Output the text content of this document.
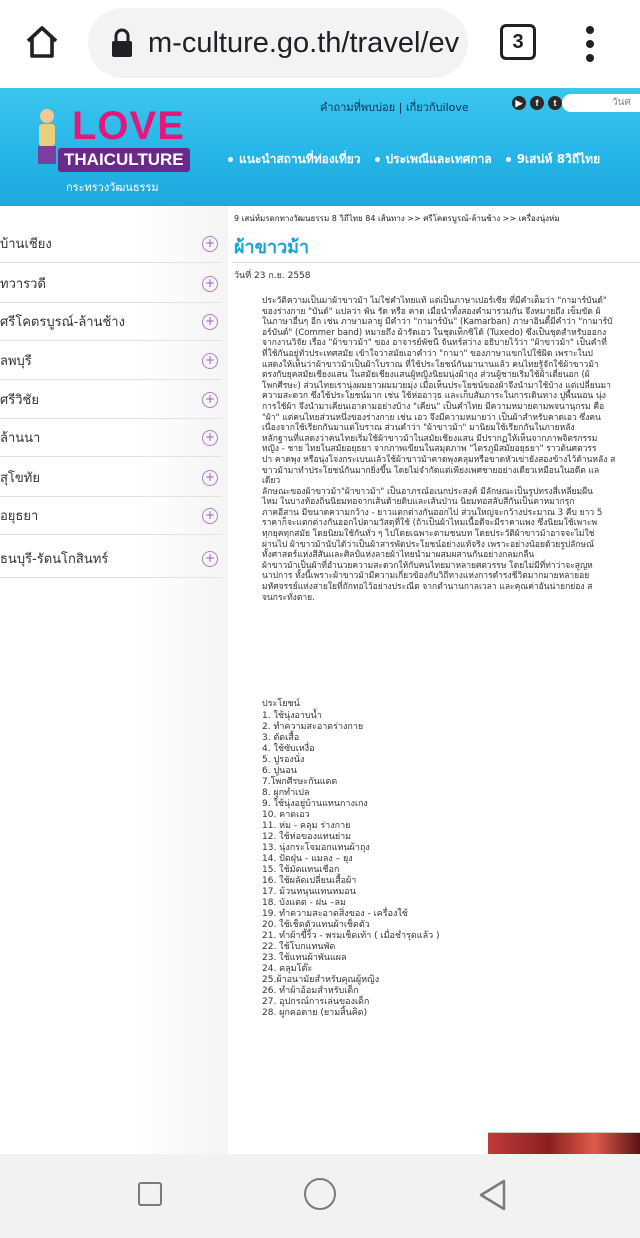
m-culture.go.th/travel/ev	3
LOVE
THAICULTURE
กระทรวงวัฒนธรรม
คำถามที่พบบ่อย | เกี่ยวกับilove	▶	f	t	วันศ
แนะนำสถานที่ท่องเที่ยว	ประเพณีและเทศกาล	9เสน่ห์ 8วิถีไทย
บ้านเชียง	+
ทวารวดี	+
ศรีโคตรบูรณ์-ล้านช้าง	+
ลพบุรี	+
ศรีวิชัย	+
ล้านนา	+
สุโขทัย	+
อยุธยา	+
ธนบุรี-รัตนโกสินทร์	+
9 เสน่ห์มรดกทางวัฒนธรรม 8 วิถีไทย 84 เส้นทาง >> ศรีโคตรบูรณ์-ล้านช้าง >> เครื่องนุ่งห่ม
ผ้าขาวม้า
วันที่ 23 ก.ย. 2558
ประวัติความเป็นมาผ้าขาวม้า ไม่ใช่คำไทยแท้ แต่เป็นภาษาเปอร์เซีย ที่มีคำเต็มว่า "กามาร์บันด์"
ของร่างกาย "บันด์" แปลว่า พัน รัด หรือ คาด เมื่อนำทั้งสองคำมารวมกัน จึงหมายถึง เข็มขัด ผ้
ในภาษาอื่นๆ อีก เช่น ภาษามลายู มีคำว่า "กามาร์บัน" (Kamarban) ภาษาอินดี้มีคำว่า "กามาร์บั
อร์บันด์" (Commer band) หมายถึง ผ้ารัดเอว ในชุดเท็กซิโด้ (Tuxedo) ซึ่งเป็นชุดสำหรับออกง
จากงานวิจัย เรื่อง "ผ้าขาวม้า" ของ อาจารย์พัชนี จันทร์สว่าง อธิบายไว้ว่า "ผ้าขาวม้า" เป็นคำที่
ที่ใช้กันอยู่ทั่วประเทศสมัย เข้าใจว่าสมัยเอาคำว่า "กามา" ของภาษาแขกไปใช้ผิด เพราะในป
แสดงให้เห็นว่าผ้าขาวม้าเป็นผ้าโบราณ ที่ใช้ประโยชน์กันมานานแล้ว คนไทยรู้จักใช้ผ้าขาวม้า
ตรงกับยุคสมัยเชียงแสน ในสมัยเชียงแสนผู้หญิงนิยมนุ่งผ้าถุง ส่วนผู้ชายเริ่มใช้ผ้าเตี่ยนอก (ผ้
โพกศีรษะ) ส่วนไทยเรานุ่งผมยาวผมมวยมุ่ง เมื่อเห็นประโยชน์ของผ้าจึงนำมาใช้บ้าง แต่เปลี่ยนมา
ความสะดวก ซึ่งใช้ประโยชน์มาก เช่น ใช้ห่ออาวุธ และเก็บสัมภาระในการเดินทาง ปูพื้นนอน นุ่ง
การใช้ผ้า จึงนำมาเคียนเอาตามอย่างบ้าง "เคียน" เป็นคำไทย มีความหมายตามพจนานุกรม คือ
"ผ้า" แต่คนไทยส่วนหนึ่งของร่างกาย เช่น เอว จึงมีความหมายว่า เป็นผ้าสำหรับคาดเอว ซึ่งคน
เนื่องจากใช้เรียกกันมาแต่โบราณ ส่วนคำว่า "ผ้าขาวม้า" มานิยมใช้เรียกกันในภายหลัง
หลักฐานที่แสดงว่าคนไทยเริ่มใช้ผ้าขาวม้าในสมัยเชียงแสน มีปรากฏให้เห็นจากภาพจิตรกรรม
หญิง - ชาย ไทยในสมัยอยุธยา จากภาพเขียนในสมุดภาพ "ไตรภูมิสมัยอยุธยา" ราวต้นศตวรร
ปา คาดพุง หรือนุ่งโจงกระเบนแล้วใช้ผ้าขาวม้าคาดพุงคลุมหรือขาดหัวเข่ายังสองข้างไว้ด้านหลัง ส
ขาวม้ามาทำประโยชน์กันมากยิ่งขึ้น โดยไม่จำกัดแต่เพียงเพศชายอย่างเดียวเหมือนในอดีต แล
เดียว
ลักษณะของผ้าขาวม้า"ผ้าขาวม้า" เป็นอาภรณ์อเนกประสงค์ มีลักษณะเป็นรูปทรงสี่เหลี่ยมผืน
ไหม ในบางท้องถิ่นนิยมทอจากเส้นด้ายดิบและเส้นป่าน นิยมทอสลับสีกันเป็นตาหมากรุก
ภาคอีสาน มีขนาดความกว้าง - ยาวแตกต่างกันออกไป ส่วนใหญ่จะกว้างประมาณ 3 คืบ ยาว 5
ราคาก็จะแตกต่างกันออกไปตามวัสดุที่ใช้ (ถ้าเป็นผ้าไหมเนื้อดีจะมีราคาแพง ซึ่งนิยมใช้เพาะพ
ทุกยุคทุกสมัย โดยนิยมใช้กันทั่ว ๆ ไปโดยเฉพาะตามชนบท โดยประวัติผ้าขาวม้าอาจจะไม่ใช่
ผ่านไป ผ้าขาวม้านับได้ว่าเป็นผ้าสารพัดประโยชน์อย่างแท้จริง เพราะอย่างน้อยด้วยรูปลักษณ์
ทั้งศาสตร์แห่งสีสันและศิลป์แห่งลายผ้าไทยนำมาผสมผสานกันอย่างกลมกลืน
ผ้าขาวม้าเป็นผ้าที่อำนวยความสะดวกให้กับคนไทยมาหลายศตวรรษ โดยไม่มีที่ท่าว่าจะสูญห
นาปการ ทั้งนี้เพราะผ้าขาวม้ามีความเกี่ยวข้องกับวิถีทางแห่งการดำรงชีวิตมากมายหลายอย
มหัศจรรย์แห่งสายใยที่ถักทอไว้อย่างประณีต จากตำนานกาลเวลา และคุณค่าอันน่ายกย่อง ส
จนกระทั่งตาย.
ประโยชน์
1. ใช้นุ่งอาบน้ำ
2. ทำความสะอาดร่างกาย
3. ตัดเสื้อ
4. ใช้ซับเหงื่อ
5. ปูรองนั่ง
6. ปูนอน
7.โพกศีรษะกันแดด
8. ผูกทำเปล
9. ใช้นุ่งอยู่บ้านแทนกางเกง
10. คาดเอว
11. ห่ม - คลุม ร่างกาย
12. ใช้ห่อของแทนย่าม
13. นุ่งกระโจมอกแทนผ้าถุง
14. ปัดฝุ่น - แมลง – ยุง
15. ใช้มัดแทนเชือก
16. ใช้ผลัดเปลี่ยนเสื้อผ้า
17. ม้วนหนุนแทนหมอน
18. บังแดด - ฝน –ลม
19. ทำความสะอาดสิ่งของ - เครื่องใช้
20. ใช้เช็ดตัวแทนผ้าเช็ดตัว
21. ทำผ้าขี้ริ้ว - พรมเช็ดเท้า ( เมื่อชำรุดแล้ว )
22. ใช้โบกแทนพัด
23. ใช้แทนผ้าพันแผล
24. คลุมโต๊ะ
25.ผ้าอนามัยสำหรับคุณผู้หญิง
26. ทำผ้าอ้อมสำหรับเด็ก
27. อุปกรณ์การเล่นของเด็ก
28. ผูกคอตาย (ยามสิ้นคิด)
